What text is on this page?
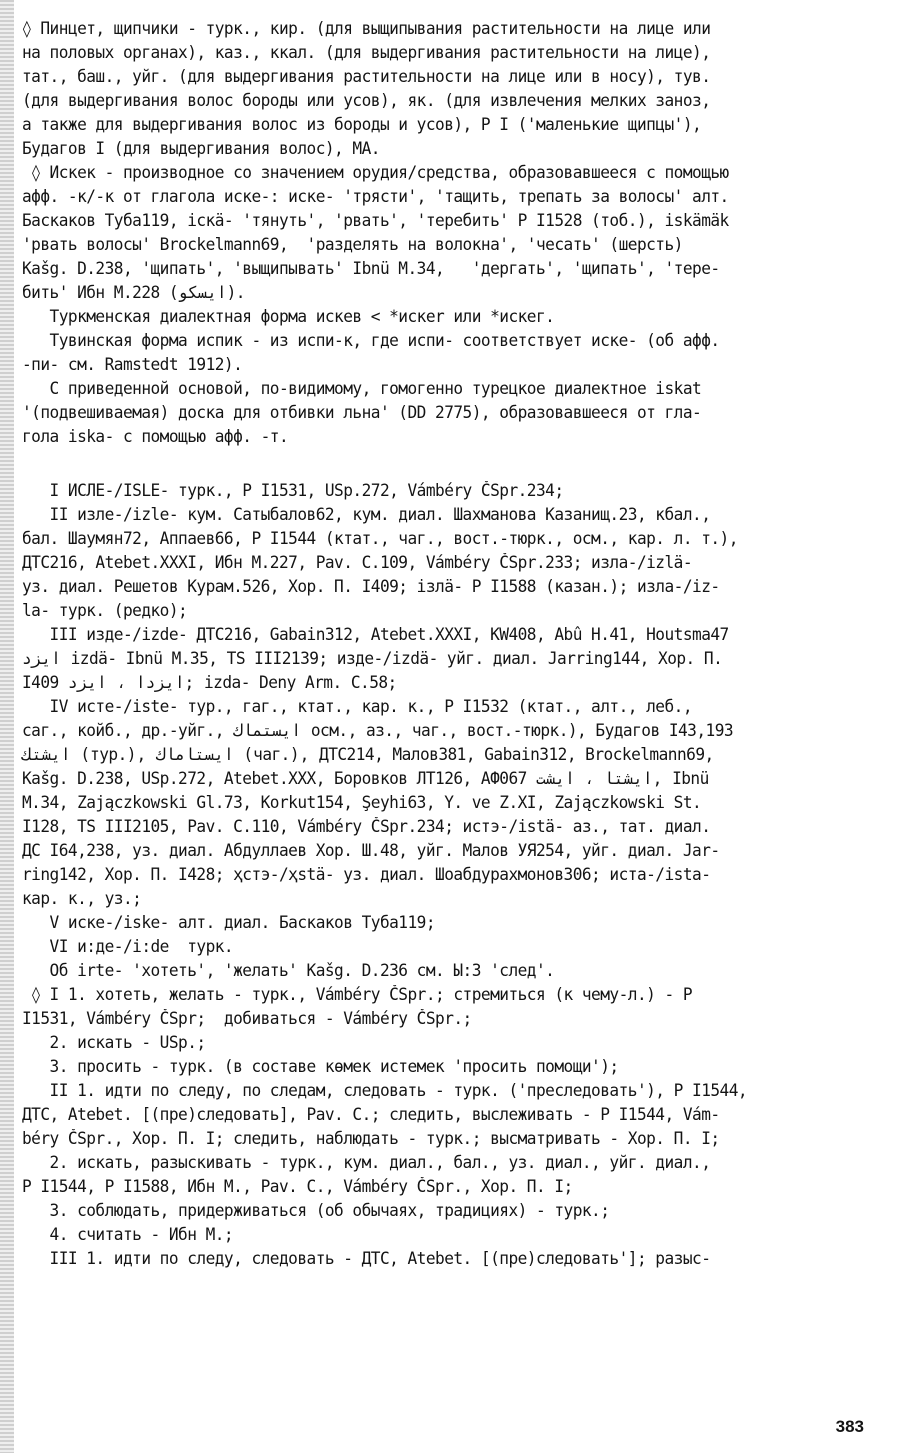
◊ Пинцет, щипчики - турк., кир. (для выщипывания растительности на лице или
на половых органах), каз., ккал. (для выдергивания растительности на лице),
тат., баш., уйг. (для выдергивания растительности на лице или в носу), тув.
(для выдергивания волос бороды или усов), як. (для извлечения мелких заноз,
а также для выдергивания волос из бороды и усов), Р I ('маленькие щипцы'),
Будагов I (для выдергивания волос), МА.
◊ Искек - производное со значением орудия/средства, образовавшееся с помощью
афф. -к/-к от глагола иске-: иске- 'трясти', 'тащить, трепать за волосы' алт.
Баскаков Туба119, iскä- 'тянуть', 'рвать', 'теребить' Р I1528 (тоб.), iskämäk
'рвать волосы' Brockelmann69,  'разделять на волокна', 'чесать' (шерсть)
Kašg. D.238, 'щипать', 'выщипывать' Ibnü M.34,   'дергать', 'щипать', 'тере-
бить' Ибн М.228 (ايسكو).
Туркменская диалектная форма искев < *искеr или *искег.
Тувинская форма испик - из испи-к, где испи- соответствует иске- (об афф.
-пи- см. Ramstedt 1912).
С приведенной основой, по-видимому, гомогенно турецкое диалектное iskat
'(подвешиваемая) доска для отбивки льна' (DD 2775), образовавшееся от гла-
гола iska- с помощью афф. -т.
I ИСЛЕ-/ISLE- турк., Р I1531, USp.272, Vámbéry ČSpr.234;
II изле-/izle- кум. Сатыбалов62, кум. диал. Шахманова Казанищ.23, кбал.,
бал. Шаумян72, Аппаев66, Р I1544 (ктат., чаг., вост.-тюрк., осм., кар. л. т.),
ДТС216, Atebet.XXXI, Ибн М.227, Pav. C.109, Vámbéry ČSpr.233; изла-/izlä-
уз. диал. Решетов Курам.526, Хор. П. I409; iзлä- Р I1588 (казан.); изла-/iz-
la- турк. (редко);
III изде-/izde- ДТС216, Gabain312, Atebet.XXXI, KW408, Abû H.41, Houtsma47
ايزد izdä- Ibnü M.35, TS III2139; издe-/izdä- уйг. диал. Jarring144, Хор. П.
I409 ايزدا ، ايزد; izda- Deny Arm. C.58;
IV исте-/iste- тур., гаг., ктат., кар. к., Р I1532 (ктат., алт., леб.,
саг., койб., др.-уйг., ايستماك осм., аз., чаг., вост.-тюрк.), Будагов I43,193
ايشتك (тур.), ايستاماك (чаг.), ДТС214, Малов381, Gabain312, Brockelmann69,
Kašg. D.238, USp.272, Atebet.XXX, Боровков ЛТ126, АФ067 ايشتا ، ايشت, Ibnü
M.34, Zajączkowski Gl.73, Korkut154, Şeyhi63, Y. ve Z.XI, Zajączkowski St.
I128, TS III2105, Pav. C.110, Vámbéry ČSpr.234; истэ-/istä- аз., тат. диал.
ДС I64,238, уз. диал. Абдуллаев Хор. Ш.48, уйг. Малов УЯ254, уйг. диал. Jar-
ring142, Хор. П. I428; ҳстэ-/ҳstä- уз. диал. Шоабдурахмонов306; иста-/ista-
кар. к., уз.;
V иске-/iske- алт. диал. Баскаков Туба119;
VI и:де-/i:de  турк.
Об irte- 'хотеть', 'желать' Kašg. D.236 см. Ы:З 'след'.
◊ I 1. хотеть, желать - турк., Vámbéry ČSpr.; стремиться (к чему-л.) - Р
I1531, Vámbéry ČSpr;  добиваться - Vámbéry ČSpr.;
2. искать - USp.;
3. просить - турк. (в составе көмек истемек 'просить помощи');
II 1. идти по следу, по следам, следовать - турк. ('преследовать'), Р I1544,
ДТС, Atebet. [(пре)следовать], Pav. C.; следить, выслеживать - Р I1544, Vám-
béry ČSpr., Хор. П. I; следить, наблюдать - турк.; высматривать - Хор. П. I;
2. искать, разыскивать - турк., кум. диал., бал., уз. диал., уйг. диал.,
Р I1544, Р I1588, Ибн М., Pav. C., Vámbéry ČSpr., Хор. П. I;
3. соблюдать, придерживаться (об обычаях, традициях) - турк.;
4. считать - Ибн М.;
III 1. идти по следу, следовать - ДТС, Atebet. [(пре)следовать']; разыс-
383
